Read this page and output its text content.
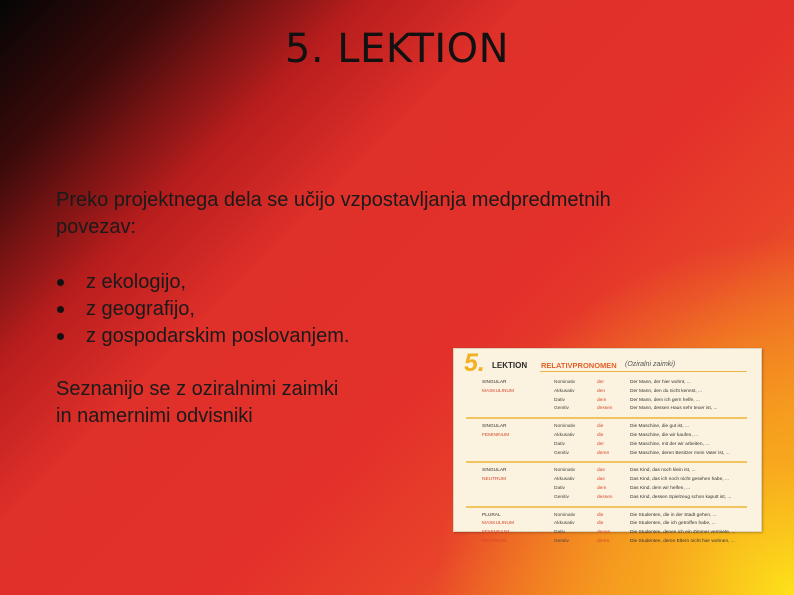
5. LEKTION
Preko projektnega dela se učijo vzpostavljanja medpredmetnih povezav:
z ekologijo,
z geografijo,
z gospodarskim poslovanjem.
Seznanijo se z oziralnimi zaimki
in namernimi odvisniki
5. LEKTION RELATIVPRONOMEN (Oziralni zaimki)
SINGULAR	Nominativ	der	Der Mann, der hier wohnt, ...
MASKULINUM	Akkusativ	den	Der Mann, den du nicht kennst, ...
Dativ	dem	Der Mann, dem ich gern helfe, ...
Genitiv	dessen	Der Mann, dessen Haus sehr teuer ist, ...
SINGULAR	Nominativ	die	Die Maschine, die gut ist, ...
FEMININUM	Akkusativ	die	Die Maschine, die wir kaufen, ...
Dativ	der	Die Maschine, mit der wir arbeiten, ...
Genitiv	deren	Die Maschine, deren Besitzer mein Vater ist, ...
SINGULAR	Nominativ	das	Das Kind, das noch klein ist, ...
NEUTRUM	Akkusativ	das	Das Kind, das ich noch nicht gesehen habe, ...
Dativ	dem	Das Kind, dem wir helfen, ...
Genitiv	dessen	Das Kind, dessen Spielzeug schon kaputt ist, ...
PLURAL	Nominativ	die	Die Studenten, die in der Stadt gehen, ...
MASKULINUM	Akkusativ	die	Die Studenten, die ich getroffen habe, ...
FEMININUM	Dativ	denen	Die Studenten, denen ich ein Zimmer vermiete, ...
NEUTRUM	Genitiv	deren	Die Studenten, deren Eltern nicht hier wohnen, ...
